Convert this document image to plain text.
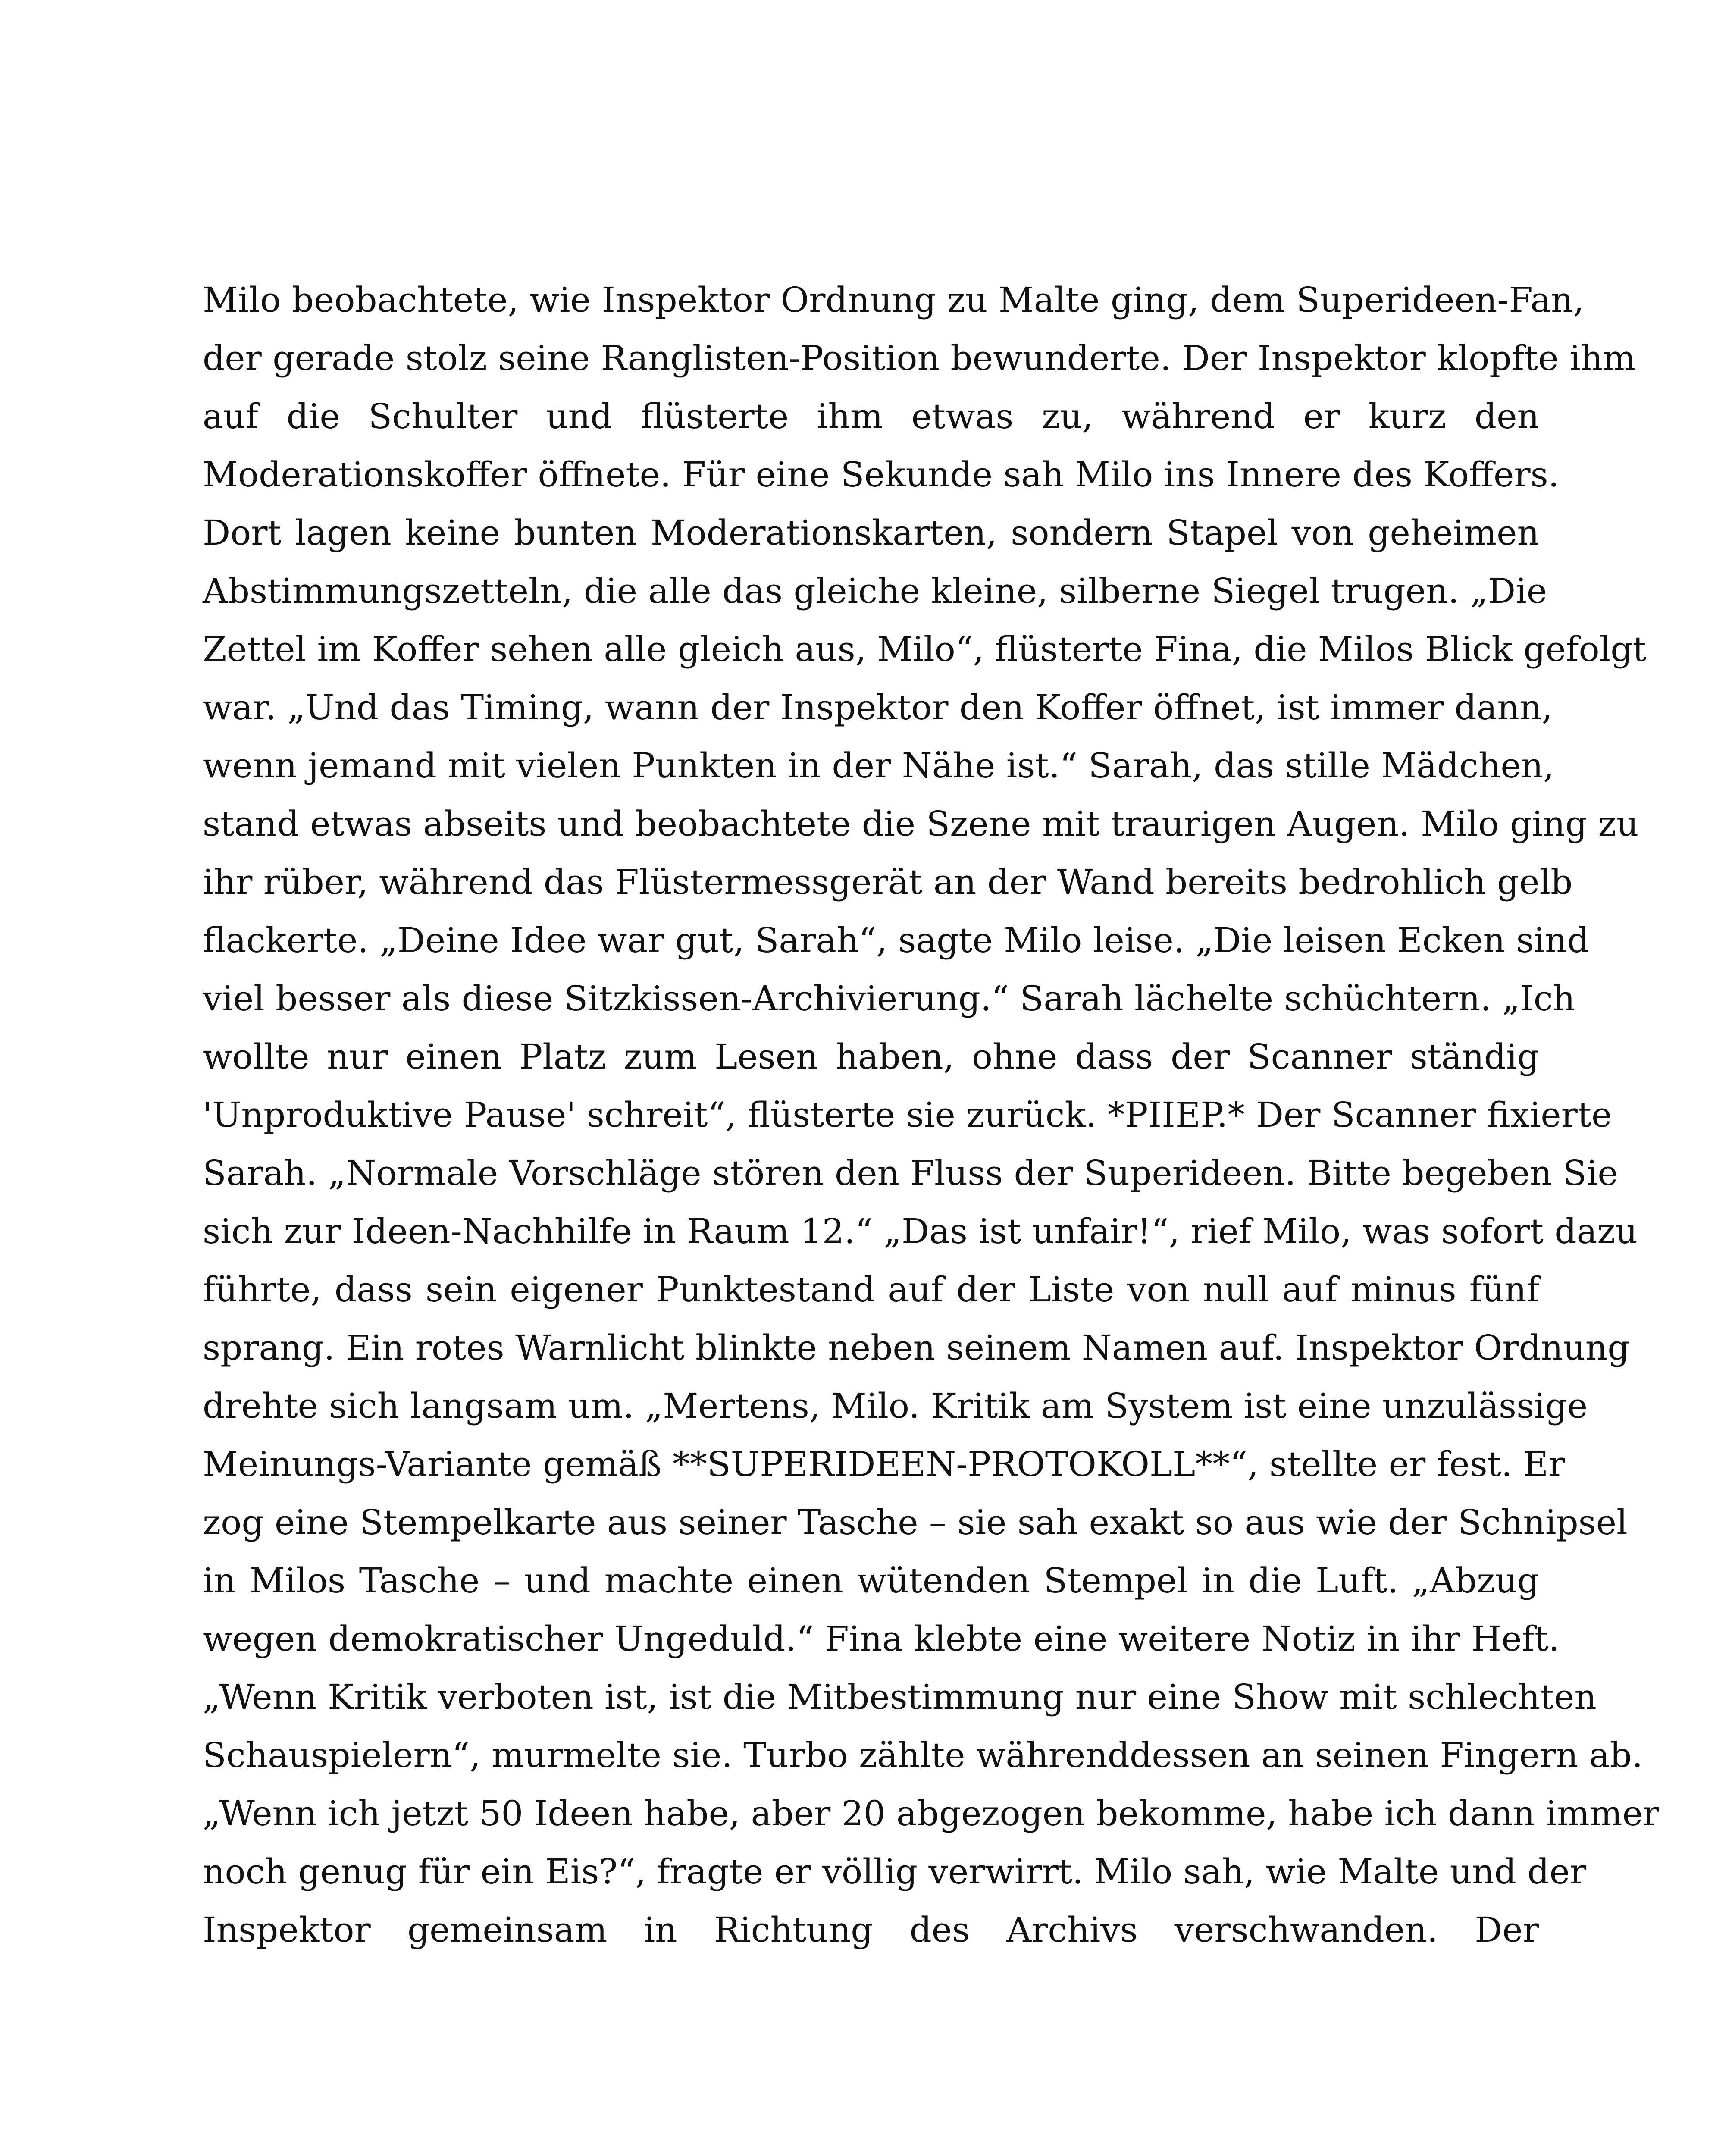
Milo beobachtete, wie Inspektor Ordnung zu Malte ging, dem Superideen-Fan,
der gerade stolz seine Ranglisten-Position bewunderte. Der Inspektor klopfte ihm
auf die Schulter und flüsterte ihm etwas zu, während er kurz den
Moderationskoffer öffnete. Für eine Sekunde sah Milo ins Innere des Koffers.
Dort lagen keine bunten Moderationskarten, sondern Stapel von geheimen
Abstimmungszetteln, die alle das gleiche kleine, silberne Siegel trugen. „Die
Zettel im Koffer sehen alle gleich aus, Milo“, flüsterte Fina, die Milos Blick gefolgt
war. „Und das Timing, wann der Inspektor den Koffer öffnet, ist immer dann,
wenn jemand mit vielen Punkten in der Nähe ist.“ Sarah, das stille Mädchen,
stand etwas abseits und beobachtete die Szene mit traurigen Augen. Milo ging zu
ihr rüber, während das Flüstermessgerät an der Wand bereits bedrohlich gelb
flackerte. „Deine Idee war gut, Sarah“, sagte Milo leise. „Die leisen Ecken sind
viel besser als diese Sitzkissen-Archivierung.“ Sarah lächelte schüchtern. „Ich
wollte nur einen Platz zum Lesen haben, ohne dass der Scanner ständig
'Unproduktive Pause' schreit“, flüsterte sie zurück. *PIIEP.* Der Scanner fixierte
Sarah. „Normale Vorschläge stören den Fluss der Superideen. Bitte begeben Sie
sich zur Ideen-Nachhilfe in Raum 12.“ „Das ist unfair!“, rief Milo, was sofort dazu
führte, dass sein eigener Punktestand auf der Liste von null auf minus fünf
sprang. Ein rotes Warnlicht blinkte neben seinem Namen auf. Inspektor Ordnung
drehte sich langsam um. „Mertens, Milo. Kritik am System ist eine unzulässige
Meinungs-Variante gemäß **SUPERIDEEN-PROTOKOLL**“, stellte er fest. Er
zog eine Stempelkarte aus seiner Tasche – sie sah exakt so aus wie der Schnipsel
in Milos Tasche – und machte einen wütenden Stempel in die Luft. „Abzug
wegen demokratischer Ungeduld.“ Fina klebte eine weitere Notiz in ihr Heft.
„Wenn Kritik verboten ist, ist die Mitbestimmung nur eine Show mit schlechten
Schauspielern“, murmelte sie. Turbo zählte währenddessen an seinen Fingern ab.
„Wenn ich jetzt 50 Ideen habe, aber 20 abgezogen bekomme, habe ich dann immer
noch genug für ein Eis?“, fragte er völlig verwirrt. Milo sah, wie Malte und der
Inspektor gemeinsam in Richtung des Archivs verschwanden. Der
